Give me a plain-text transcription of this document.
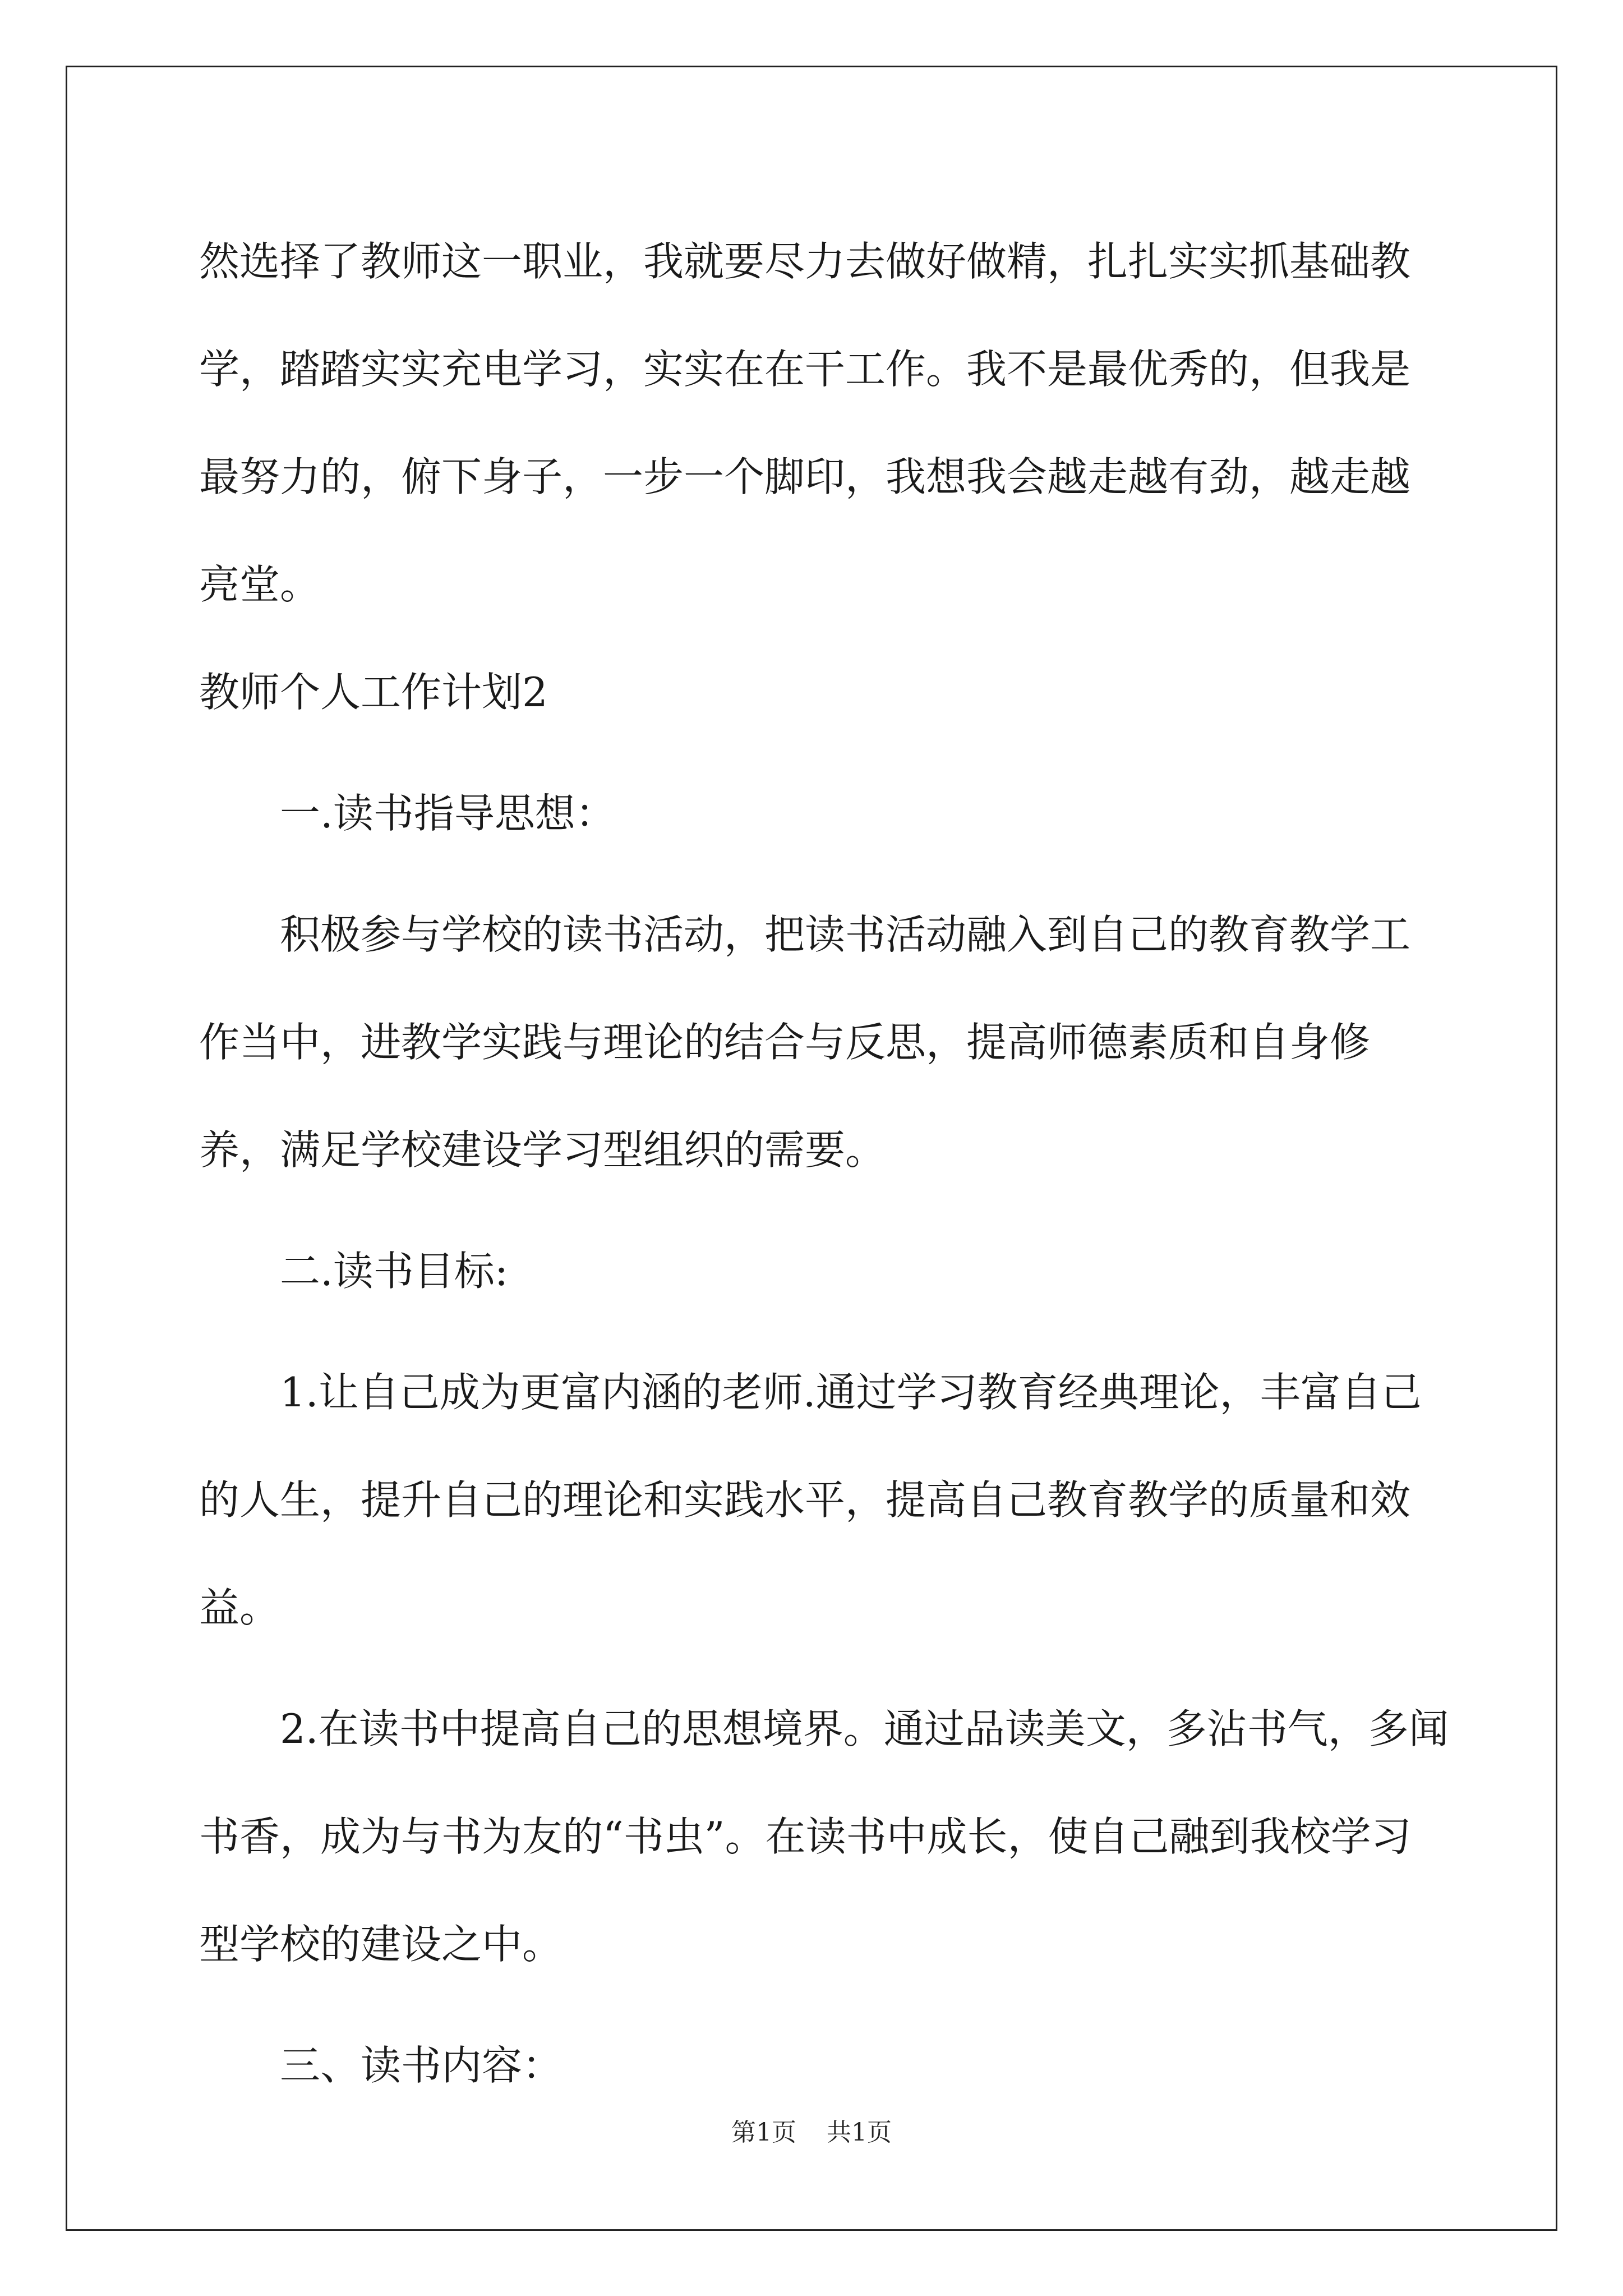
然选择了教师这一职业，我就要尽力去做好做精，扎扎实实抓基础教学，踏踏实实充电学习，实实在在干工作。我不是最优秀的，但我是最努力的，俯下身子，一步一个脚印，我想我会越走越有劲，越走越亮堂。

教师个人工作计划2

一.读书指导思想：

积极参与学校的读书活动，把读书活动融入到自己的教育教学工作当中，进教学实践与理论的结合与反思，提高师德素质和自身修养，满足学校建设学习型组织的需要。

二.读书目标:

1.让自己成为更富内涵的老师.通过学习教育经典理论，丰富自己的人生，提升自己的理论和实践水平，提高自己教育教学的质量和效益。

2.在读书中提高自己的思想境界。通过品读美文，多沾书气，多闻书香，成为与书为友的“书虫”。在读书中成长，使自己融到我校学习型学校的建设之中。

三、读书内容：

第1页 共1页
